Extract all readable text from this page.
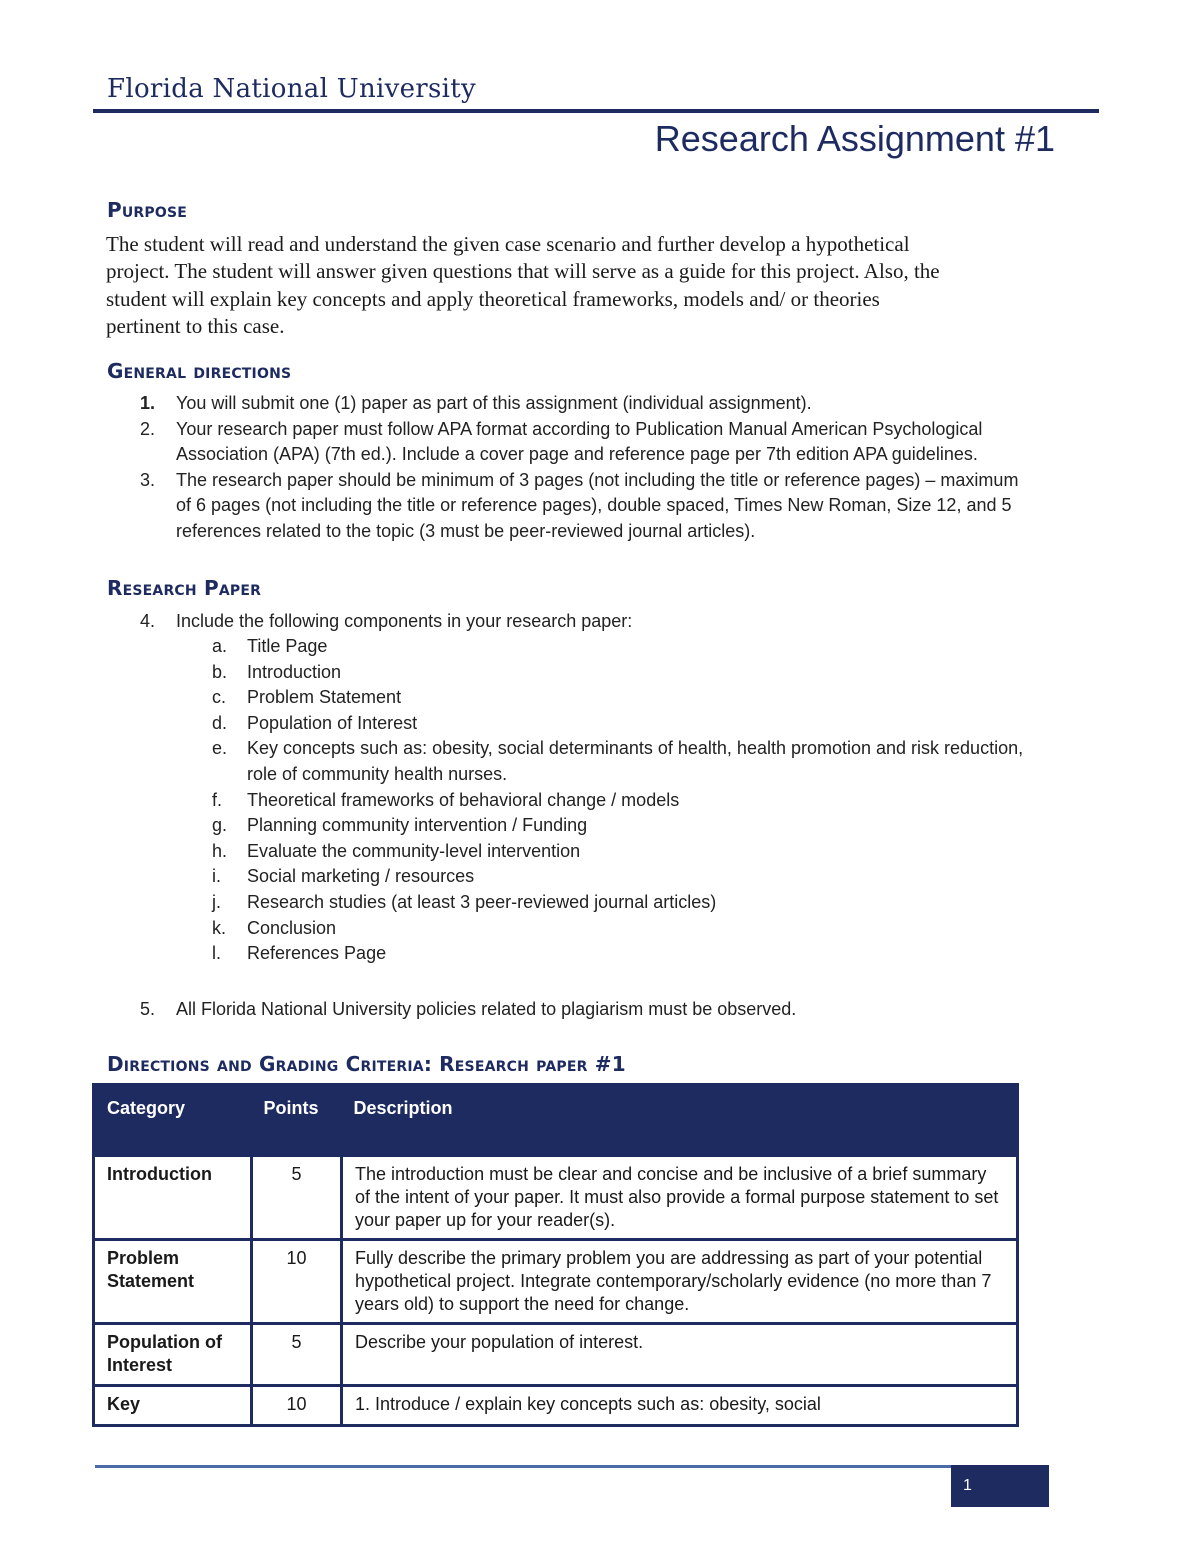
Florida National University
Research Assignment #1
Purpose
The student will read and understand the given case scenario and further develop a hypothetical
project. The student will answer given questions that will serve as a guide for this project. Also, the
student will explain key concepts and apply theoretical frameworks, models and/ or theories
pertinent to this case.
General directions
1.	You will submit one (1) paper as part of this assignment (individual assignment).
2.	Your research paper must follow APA format according to Publication Manual American Psychological
Association (APA) (7th ed.). Include a cover page and reference page per 7th edition APA guidelines.
3.	The research paper should be minimum of 3 pages (not including the title or reference pages) – maximum
of 6 pages (not including the title or reference pages), double spaced, Times New Roman, Size 12, and 5
references related to the topic (3 must be peer-reviewed journal articles).
Research Paper
4.	Include the following components in your research paper:
a.	Title Page
b.	Introduction
c.	Problem Statement
d.	Population of Interest
e.	Key concepts such as: obesity, social determinants of health, health promotion and risk reduction,
role of community health nurses.
f.	Theoretical frameworks of behavioral change / models
g.	Planning community intervention / Funding
h.	Evaluate the community-level intervention
i.	Social marketing / resources
j.	Research studies (at least 3 peer-reviewed journal articles)
k.	Conclusion
l.	References Page
5.	All Florida National University policies related to plagiarism must be observed.
Directions and Grading Criteria: Research paper #1
Category	Points	Description
Introduction	5	The introduction must be clear and concise and be inclusive of a brief summary of the intent of your paper. It must also provide a formal purpose statement to set your paper up for your reader(s).
Problem Statement	10	Fully describe the primary problem you are addressing as part of your potential hypothetical project. Integrate contemporary/scholarly evidence (no more than 7 years old) to support the need for change.
Population of Interest	5	Describe your population of interest.
Key	10	1. Introduce / explain key concepts such as: obesity, social
1
